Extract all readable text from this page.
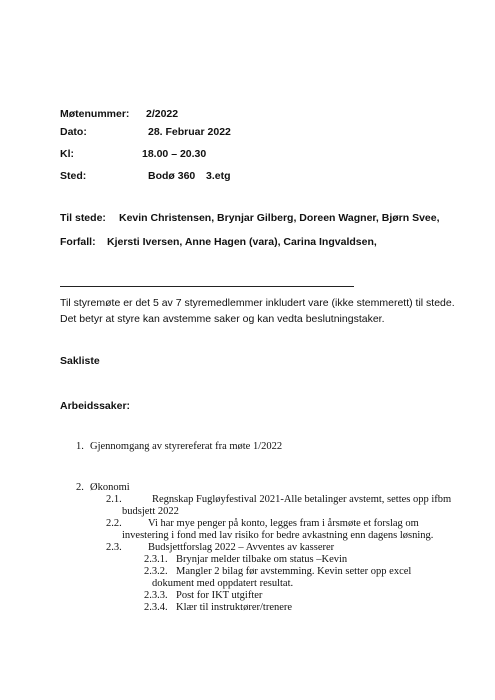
Møtenummer: 2/2022
Dato:	28. Februar 2022
Kl:	18.00 – 20.30
Sted:	Bodø 360 3.etg
Til stede: Kevin Christensen, Brynjar Gilberg, Doreen Wagner, Bjørn Svee,
Forfall: Kjersti Iversen, Anne Hagen (vara), Carina Ingvaldsen,
Til styremøte er det 5 av 7 styremedlemmer inkludert vare (ikke stemmerett) til stede.
Det betyr at styre kan avstemme saker og kan vedta beslutningstaker.
Sakliste
Arbeidssaker:
1. Gjennomgang av styrereferat fra møte 1/2022
2. Økonomi
2.1.	Regnskap Fugløyfestival 2021-Alle betalinger avstemt, settes opp ifbm
budsjett 2022
2.2.	Vi har mye penger på konto, legges fram i årsmøte et forslag om
investering i fond med lav risiko for bedre avkastning enn dagens løsning.
2.3.	Budsjettforslag 2022 – Avventes av kasserer
2.3.1. Brynjar melder tilbake om status –Kevin
2.3.2. Mangler 2 bilag før avstemming. Kevin setter opp excel
dokument med oppdatert resultat.
2.3.3. Post for IKT utgifter
2.3.4. Klær til instruktører/trenere
